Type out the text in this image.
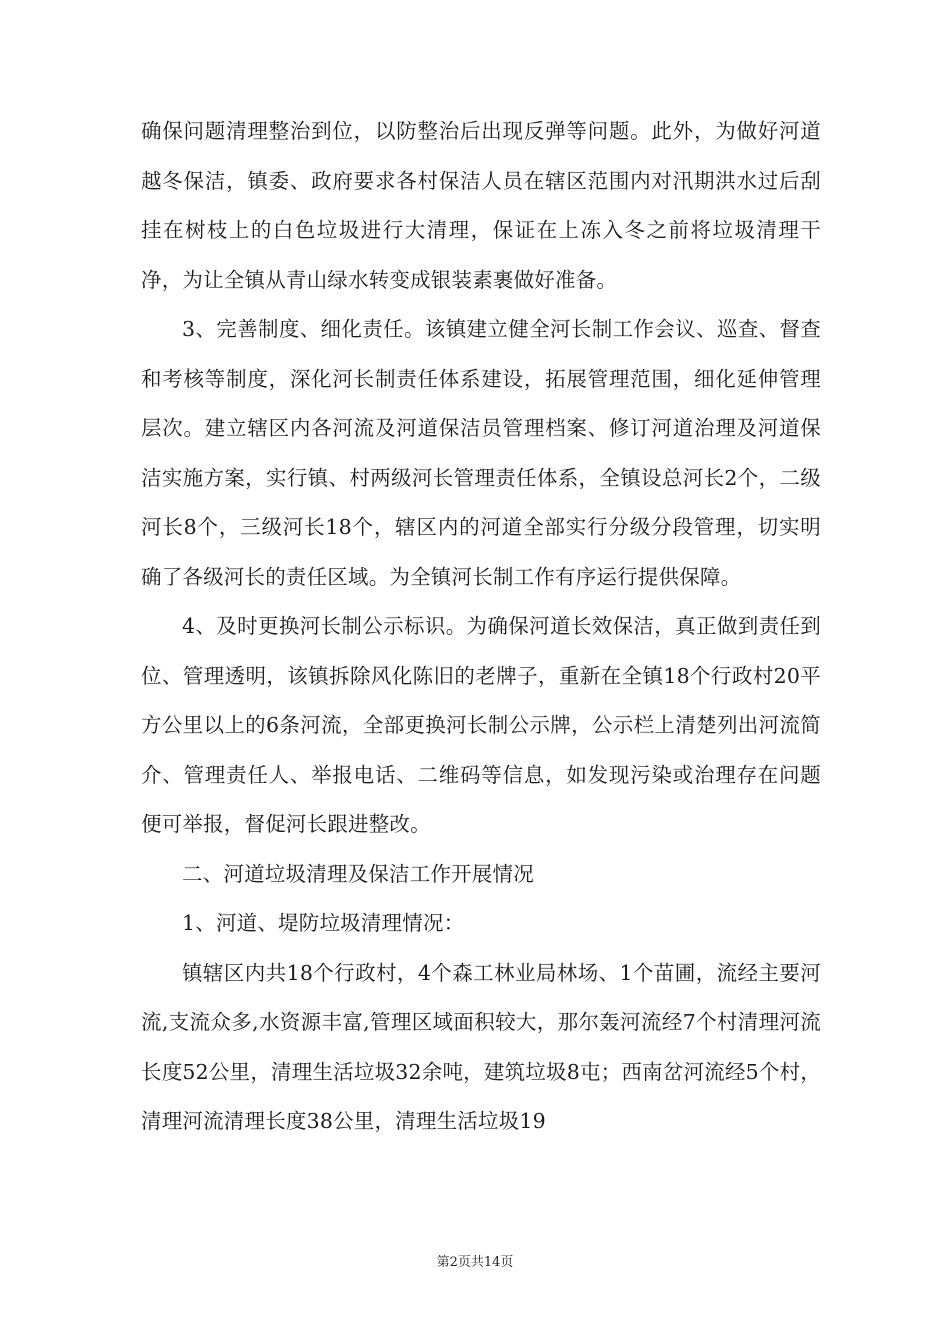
确保问题清理整治到位，以防整治后出现反弹等问题。此外，为做好河道越冬保洁，镇委、政府要求各村保洁人员在辖区范围内对汛期洪水过后刮挂在树枝上的白色垃圾进行大清理，保证在上冻入冬之前将垃圾清理干净，为让全镇从青山绿水转变成银装素裹做好准备。

3、完善制度、细化责任。该镇建立健全河长制工作会议、巡查、督查和考核等制度，深化河长制责任体系建设，拓展管理范围，细化延伸管理层次。建立辖区内各河流及河道保洁员管理档案、修订河道治理及河道保洁实施方案，实行镇、村两级河长管理责任体系，全镇设总河长2个，二级河长8个，三级河长18个，辖区内的河道全部实行分级分段管理，切实明确了各级河长的责任区域。为全镇河长制工作有序运行提供保障。

4、及时更换河长制公示标识。为确保河道长效保洁，真正做到责任到位、管理透明，该镇拆除风化陈旧的老牌子，重新在全镇18个行政村20平方公里以上的6条河流，全部更换河长制公示牌，公示栏上清楚列出河流简介、管理责任人、举报电话、二维码等信息，如发现污染或治理存在问题便可举报，督促河长跟进整改。

二、河道垃圾清理及保洁工作开展情况

1、河道、堤防垃圾清理情况：

镇辖区内共18个行政村，4个森工林业局林场、1个苗圃，流经主要河流,支流众多,水资源丰富,管理区域面积较大，那尔轰河流经7个村清理河流长度52公里，清理生活垃圾32余吨，建筑垃圾8屯；西南岔河流经5个村，清理河流清理长度38公里，清理生活垃圾19

第2页共14页
